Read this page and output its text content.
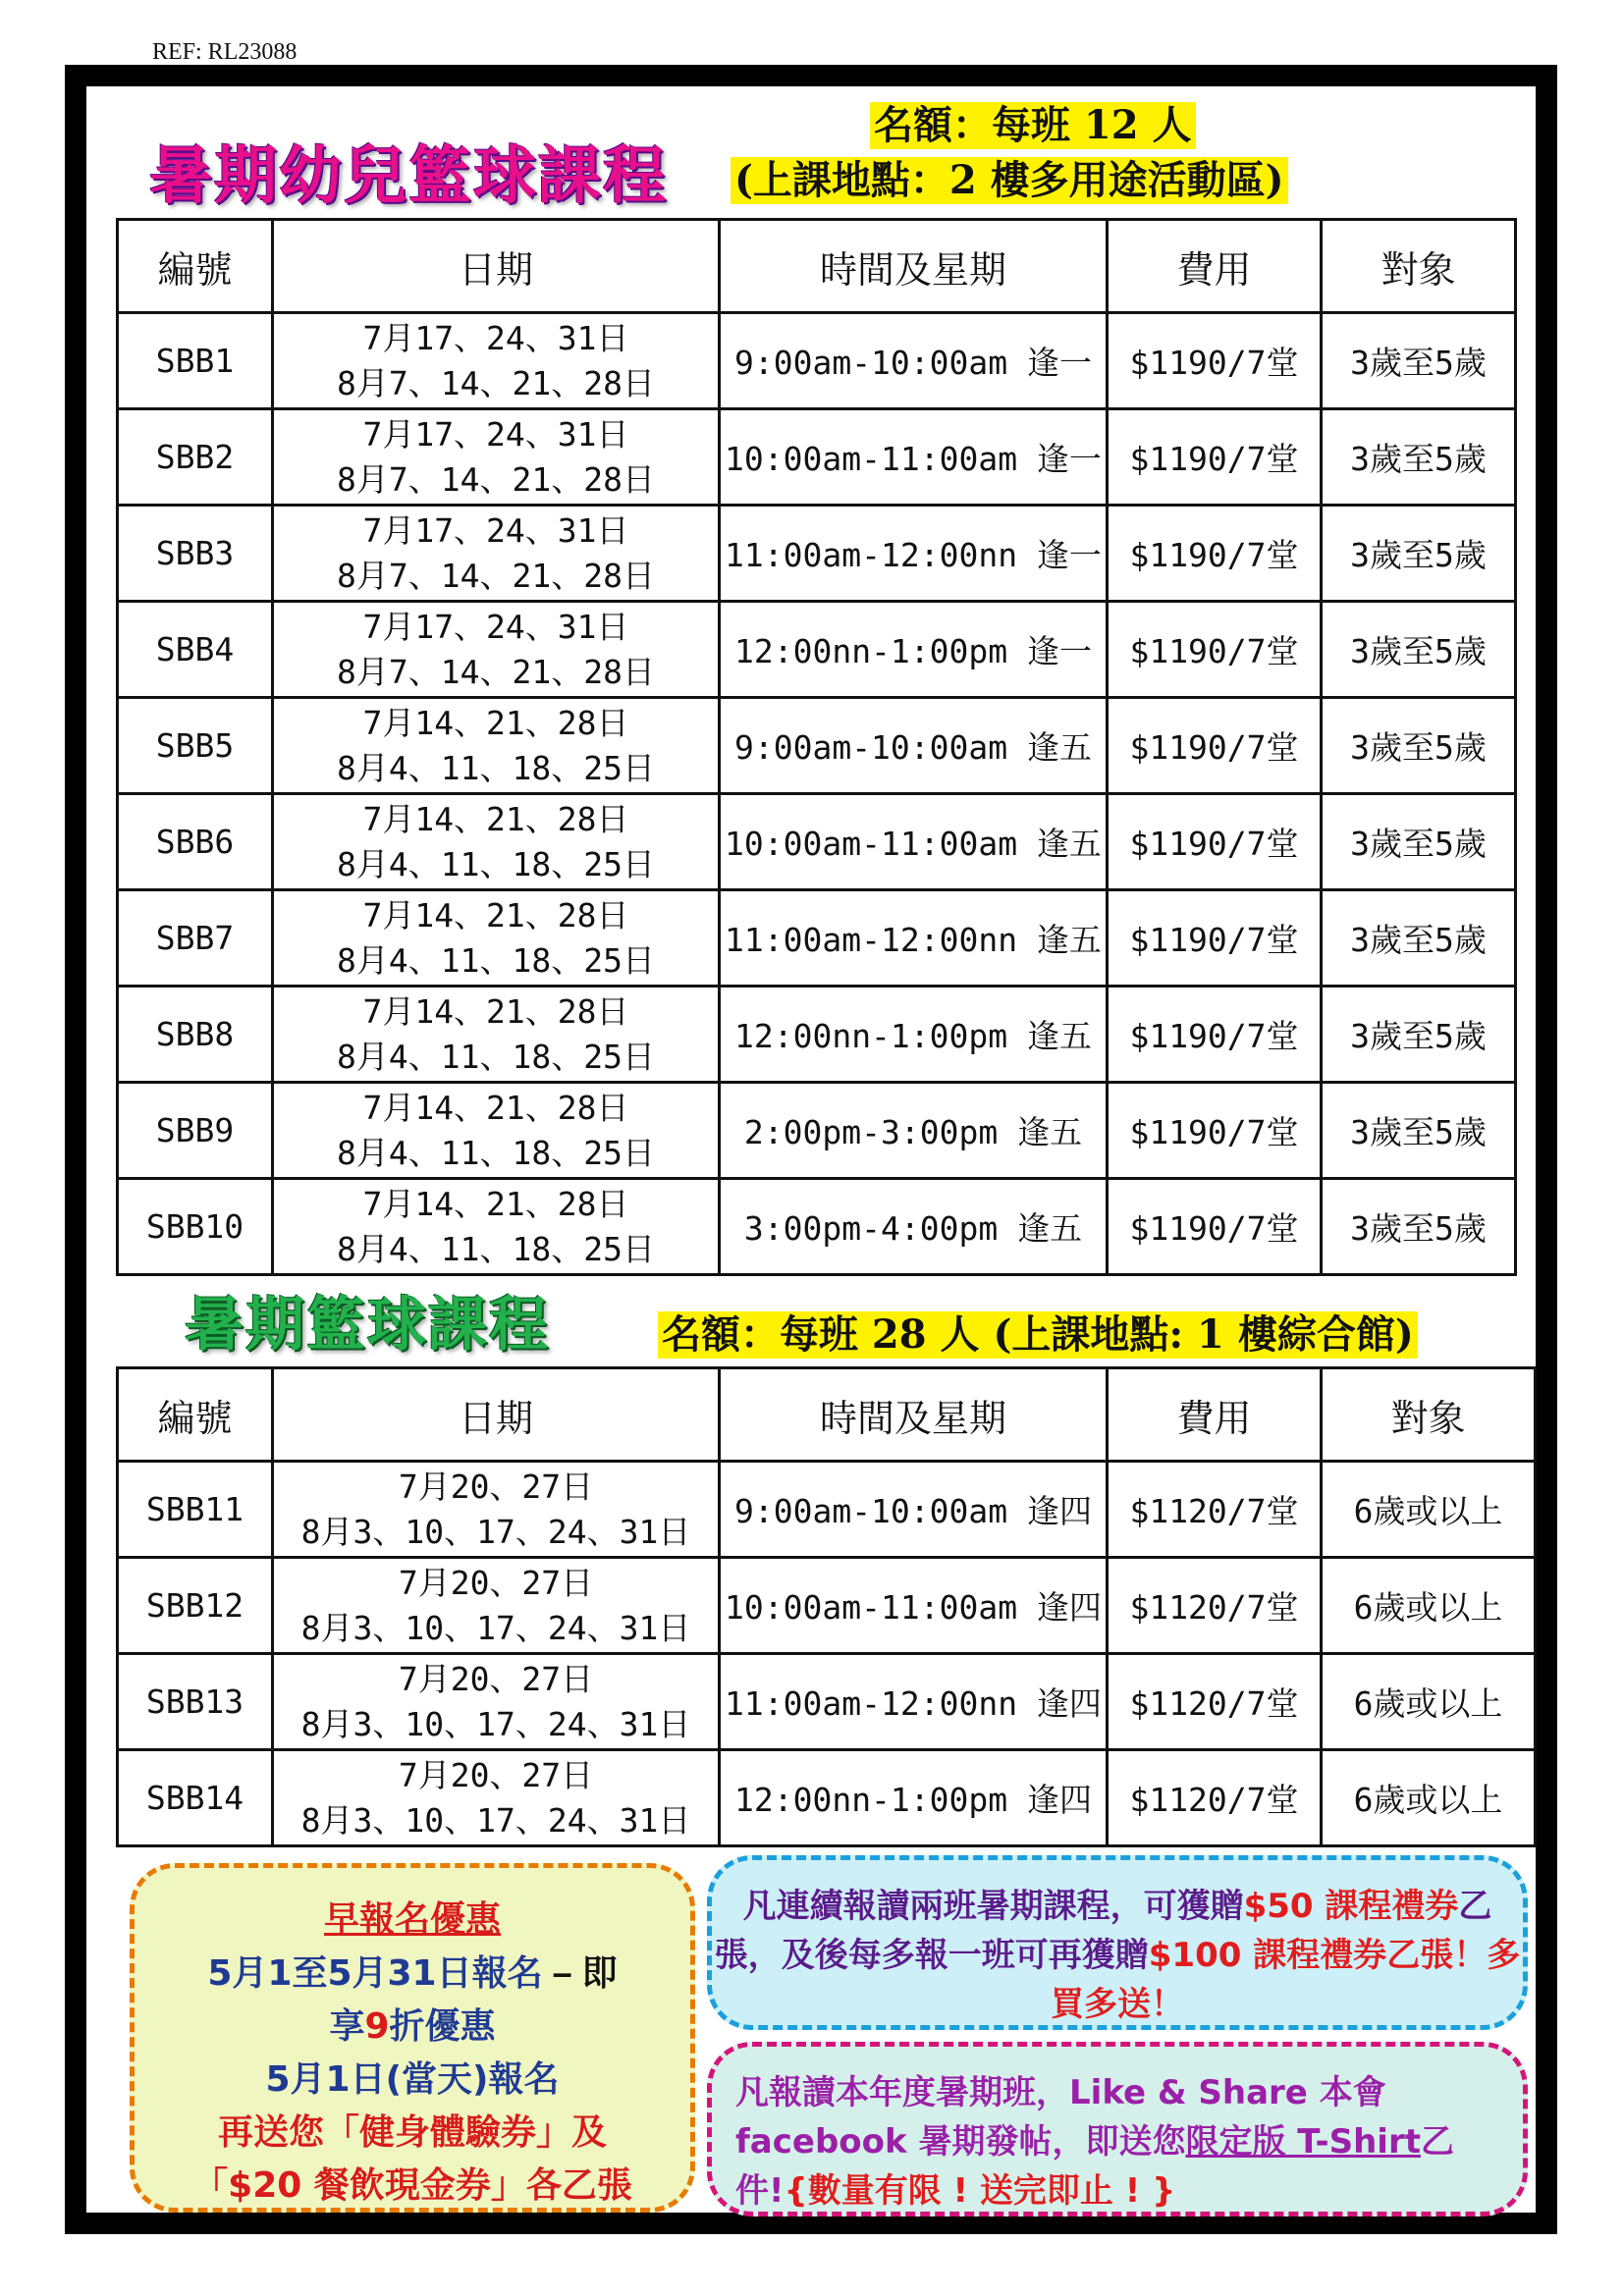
REF: RL23088
暑期幼兒籃球課程
名額：每班 12 人
(上課地點：2 樓多用途活動區)
編號	日期	時間及星期	費用	對象
SBB1	7月17、24、31日
8月7、14、21、28日	9:00am-10:00am 逢一	$1190/7堂	3歲至5歲
SBB2	7月17、24、31日
8月7、14、21、28日	10:00am-11:00am 逢一	$1190/7堂	3歲至5歲
SBB3	7月17、24、31日
8月7、14、21、28日	11:00am-12:00nn 逢一	$1190/7堂	3歲至5歲
SBB4	7月17、24、31日
8月7、14、21、28日	12:00nn-1:00pm 逢一	$1190/7堂	3歲至5歲
SBB5	7月14、21、28日
8月4、11、18、25日	9:00am-10:00am 逢五	$1190/7堂	3歲至5歲
SBB6	7月14、21、28日
8月4、11、18、25日	10:00am-11:00am 逢五	$1190/7堂	3歲至5歲
SBB7	7月14、21、28日
8月4、11、18、25日	11:00am-12:00nn 逢五	$1190/7堂	3歲至5歲
SBB8	7月14、21、28日
8月4、11、18、25日	12:00nn-1:00pm 逢五	$1190/7堂	3歲至5歲
SBB9	7月14、21、28日
8月4、11、18、25日	2:00pm-3:00pm 逢五	$1190/7堂	3歲至5歲
SBB10	7月14、21、28日
8月4、11、18、25日	3:00pm-4:00pm 逢五	$1190/7堂	3歲至5歲
暑期籃球課程	名額：每班 28 人 (上課地點: 1 樓綜合館)
編號	日期	時間及星期	費用	對象
SBB11	7月20、27日
8月3、10、17、24、31日	9:00am-10:00am 逢四	$1120/7堂	6歲或以上
SBB12	7月20、27日
8月3、10、17、24、31日	10:00am-11:00am 逢四	$1120/7堂	6歲或以上
SBB13	7月20、27日
8月3、10、17、24、31日	11:00am-12:00nn 逢四	$1120/7堂	6歲或以上
SBB14	7月20、27日
8月3、10、17、24、31日	12:00nn-1:00pm 逢四	$1120/7堂	6歲或以上
早報名優惠
5月1至5月31日報名 – 即
享9折優惠
5月1日(當天)報名
再送您「健身體驗券」及
「$20 餐飲現金券」各乙張
凡連續報讀兩班暑期課程，可獲贈$50 課程禮券乙張，及後每多報一班可再獲贈$100 課程禮券乙張！多買多送！
凡報讀本年度暑期班，Like & Share 本會 facebook 暑期發帖，即送您限定版 T-Shirt乙件!{數量有限 ! 送完即止 ! }
